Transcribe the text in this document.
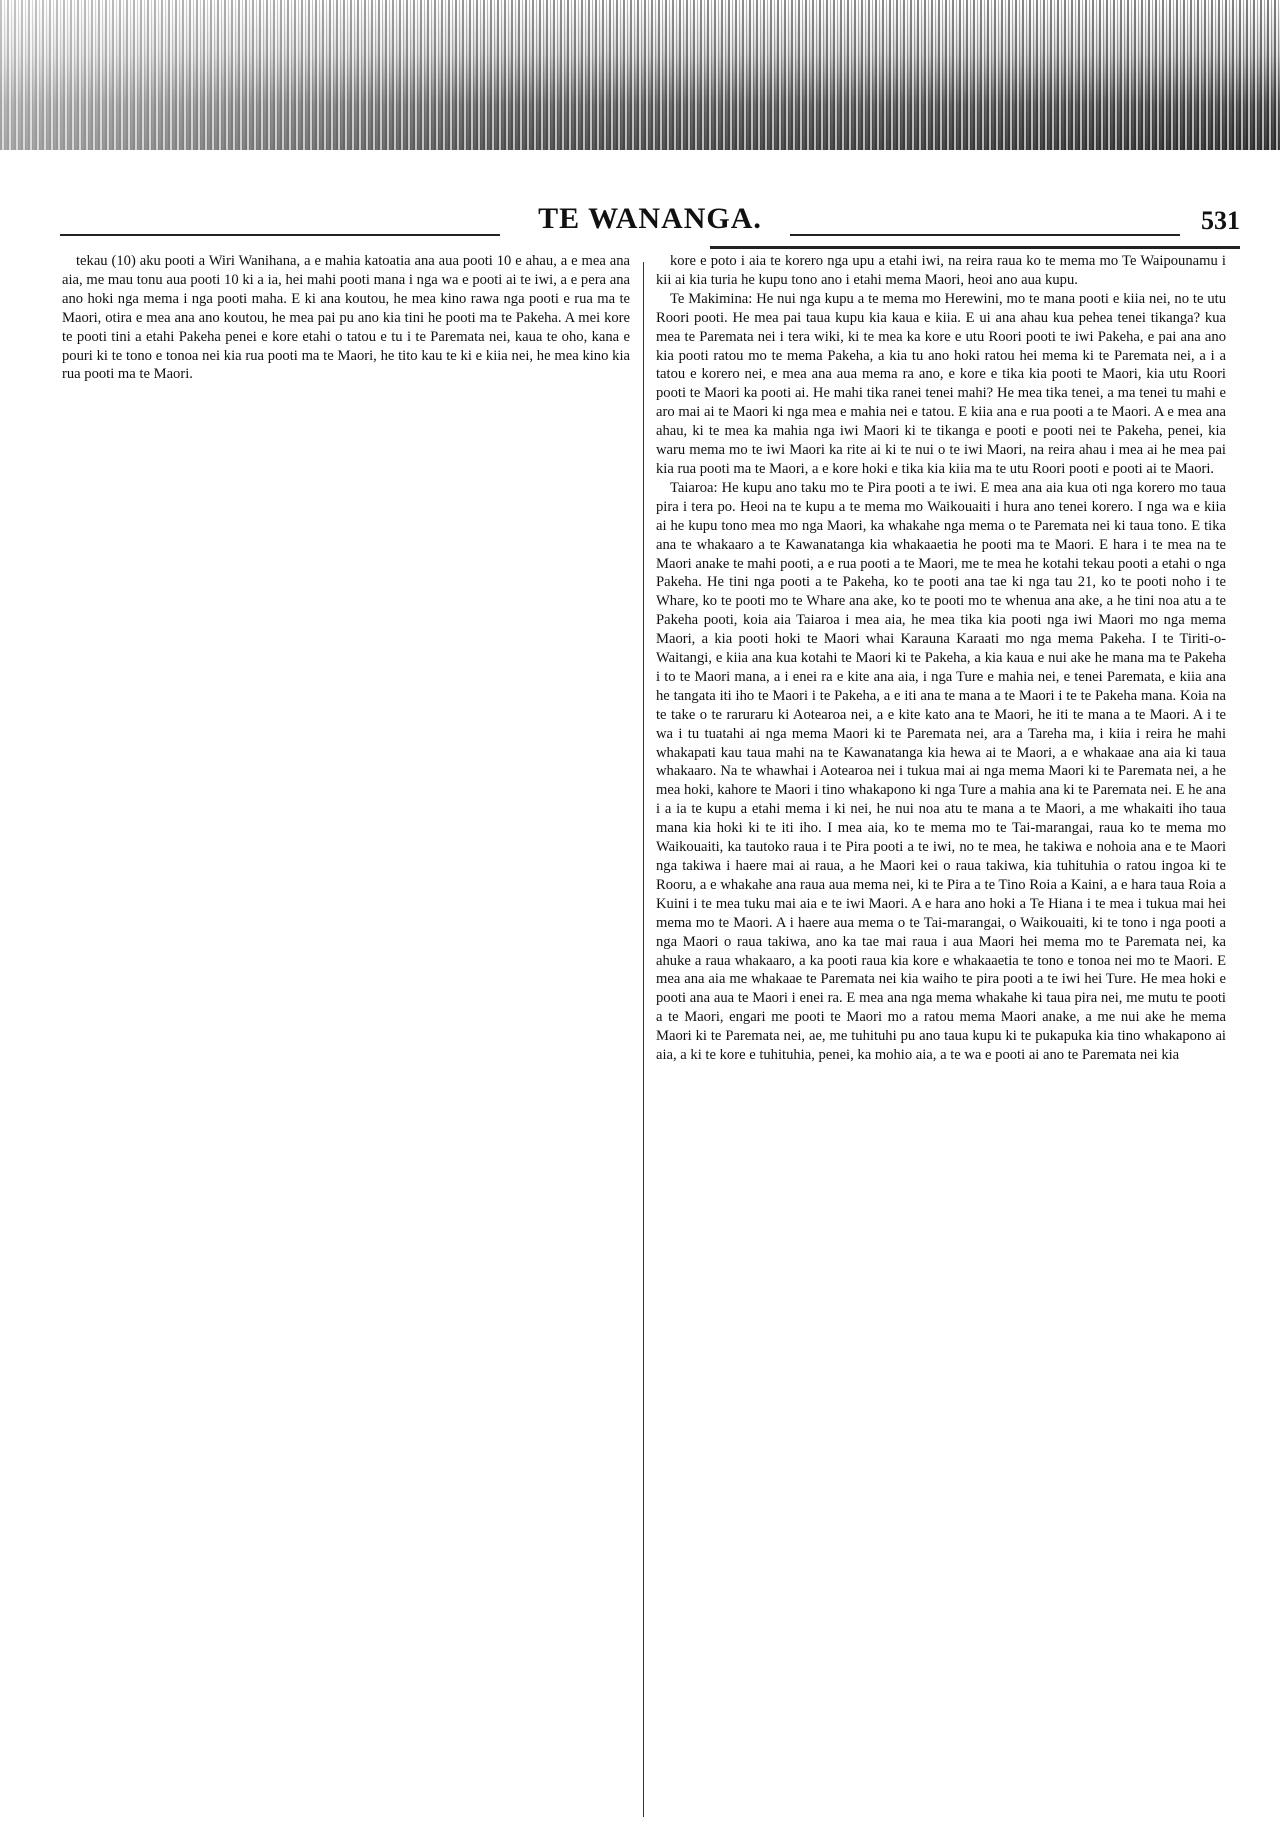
TE WANANGA.	531

tekau (10) aku pooti a Wiri Wanihana, a e mahia katoatia ana aua pooti 10 e ahau, a e mea ana aia, me mau tonu aua pooti 10 ki a ia, hei mahi pooti mana i nga wa e pooti ai te iwi, a e pera ana ano hoki nga mema i nga pooti maha. E ki ana koutou, he mea kino rawa nga pooti e rua ma te Maori, otira e mea ana ano koutou, he mea pai pu ano kia tini he pooti ma te Pakeha. A mei kore te pooti tini a etahi Pakeha penei e kore etahi o tatou e tu i te Paremata nei, kaua te oho, kana e pouri ki te tono e tonoa nei kia rua pooti ma te Maori, he tito kau te ki e kiia nei, he mea kino kia rua pooti ma te Maori.

kore e poto i aia te korero nga upu a etahi iwi, na reira raua ko te mema mo Te Waipounamu i kii ai kia turia he kupu tono ano i etahi mema Maori, heoi ano aua kupu.

Te Makimina: He nui nga kupu a te mema mo Herewini, mo te mana pooti e kiia nei, no te utu Roori pooti. He mea pai taua kupu kia kaua e kiia. E ui ana ahau kua pehea tenei tikanga? kua mea te Paremata nei i tera wiki, ki te mea ka kore e utu Roori pooti te iwi Pakeha, e pai ana ano kia pooti ratou mo te mema Pakeha, a kia tu ano hoki ratou hei mema ki te Paremata nei, a i a tatou e korero nei, e mea ana aua mema ra ano, e kore e tika kia pooti te Maori, kia utu Roori pooti te Maori ka pooti ai. He mahi tika ranei tenei mahi? He mea tika tenei, a ma tenei tu mahi e aro mai ai te Maori ki nga mea e mahia nei e tatou. E kiia ana e rua pooti a te Maori. A e mea ana ahau, ki te mea ka mahia nga iwi Maori ki te tikanga e pooti e pooti nei te Pakeha, penei, kia waru mema mo te iwi Maori ka rite ai ki te nui o te iwi Maori, na reira ahau i mea ai he mea pai kia rua pooti ma te Maori, a e kore hoki e tika kia kiia ma te utu Roori pooti e pooti ai te Maori.

Taiaroa: He kupu ano taku mo te Pira pooti a te iwi. E mea ana aia kua oti nga korero mo taua pira i tera po. Heoi na te kupu a te mema mo Waikouaiti i hura ano tenei korero. I nga wa e kiia ai he kupu tono mea mo nga Maori, ka whakahe nga mema o te Paremata nei ki taua tono. E tika ana te whakaaro a te Kawanatanga kia whakaaetia he pooti ma te Maori. E hara i te mea na te Maori anake te mahi pooti, a e rua pooti a te Maori, me te mea he kotahi tekau pooti a etahi o nga Pakeha. He tini nga pooti a te Pakeha, ko te pooti ana tae ki nga tau 21, ko te pooti noho i te Whare, ko te pooti mo te Whare ana ake, ko te pooti mo te whenua ana ake, a he tini noa atu a te Pakeha pooti, koia aia Taiaroa i mea aia, he mea tika kia pooti nga iwi Maori mo nga mema Maori, a kia pooti hoki te Maori whai Karauna Karaati mo nga mema Pakeha. I te Tiriti-o-Waitangi, e kiia ana kua kotahi te Maori ki te Pakeha, a kia kaua e nui ake he mana ma te Pakeha i to te Maori mana, a i enei ra e kite ana aia, i nga Ture e mahia nei, e tenei Paremata, e kiia ana he tangata iti iho te Maori i te Pakeha, a e iti ana te mana a te Maori i te te Pakeha mana. Koia na te take o te raruraru ki Aotearoa nei, a e kite kato ana te Maori, he iti te mana a te Maori. A i te wa i tu tuatahi ai nga mema Maori ki te Paremata nei, ara a Tareha ma, i kiia i reira he mahi whakapati kau taua mahi na te Kawanatanga kia hewa ai te Maori, a e whakaae ana aia ki taua whakaaro. Na te whawhai i Aotearoa nei i tukua mai ai nga mema Maori ki te Paremata nei, a he mea hoki, kahore te Maori i tino whakapono ki nga Ture a mahia ana ki te Paremata nei. E he ana i a ia te kupu a etahi mema i ki nei, he nui noa atu te mana a te Maori, a me whakaiti iho taua mana kia hoki ki te iti iho. I mea aia, ko te mema mo te Tai-marangai, raua ko te mema mo Waikouaiti, ka tautoko raua i te Pira pooti a te iwi, no te mea, he takiwa e nohoia ana e te Maori nga takiwa i haere mai ai raua, a he Maori kei o raua takiwa, kia tuhituhia o ratou ingoa ki te Rooru, a e whakahe ana raua aua mema nei, ki te Pira a te Tino Roia a Kaini, a e hara taua Roia a Kuini i te mea tuku mai aia e te iwi Maori. A e hara ano hoki a Te Hiana i te mea i tukua mai hei mema mo te Maori. A i haere aua mema o te Tai-marangai, o Waikouaiti, ki te tono i nga pooti a nga Maori o raua takiwa, ano ka tae mai raua i aua Maori hei mema mo te Paremata nei, ka ahuke a raua whakaaro, a ka pooti raua kia kore e whakaaetia te tono e tonoa nei mo te Maori. E mea ana aia me whakaae te Paremata nei kia waiho te pira pooti a te iwi hei Ture. He mea hoki e pooti ana aua te Maori i enei ra. E mea ana nga mema whakahe ki taua pira nei, me mutu te pooti a te Maori, engari me pooti te Maori mo a ratou mema Maori anake, a me nui ake he mema Maori ki te Paremata nei, ae, me tuhituhi pu ano taua kupu ki te pukapuka kia tino whakapono ai aia, a ki te kore e tuhituhia, penei, ka mohio aia, a te wa e pooti ai ano te Paremata nei kia
